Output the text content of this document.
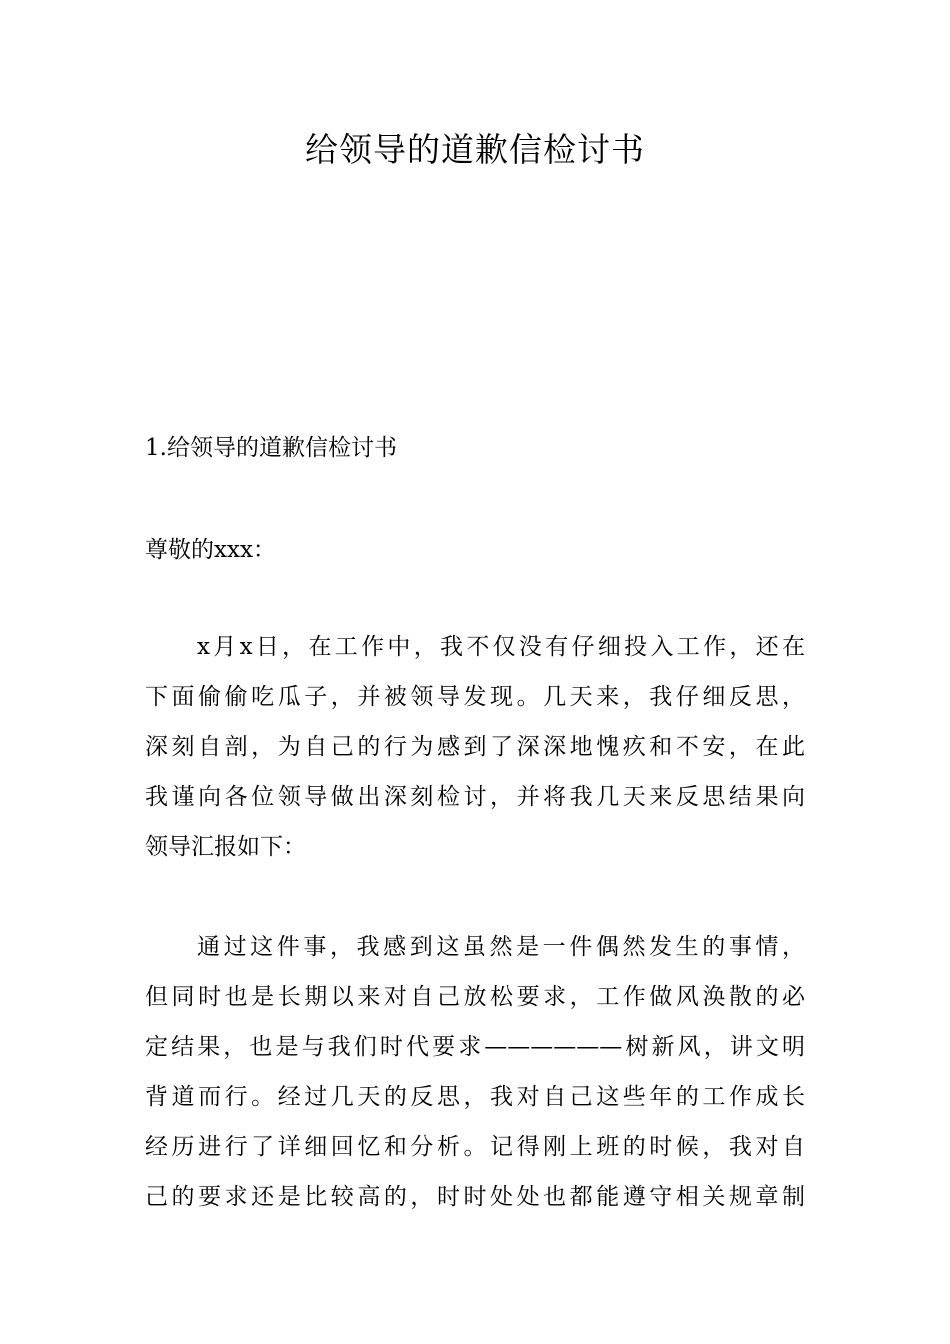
给领导的道歉信检讨书

1.给领导的道歉信检讨书

尊敬的xxx：

x月x日，在工作中，我不仅没有仔细投入工作，还在
下面偷偷吃瓜子，并被领导发现。几天来，我仔细反思，
深刻自剖，为自己的行为感到了深深地愧疚和不安，在此
我谨向各位领导做出深刻检讨，并将我几天来反思结果向
领导汇报如下：
通过这件事，我感到这虽然是一件偶然发生的事情，
但同时也是长期以来对自己放松要求，工作做风涣散的必
定结果，也是与我们时代要求——————树新风，讲文明
背道而行。经过几天的反思，我对自己这些年的工作成长
经历进行了详细回忆和分析。记得刚上班的时候，我对自
己的要求还是比较高的，时时处处也都能遵守相关规章制
